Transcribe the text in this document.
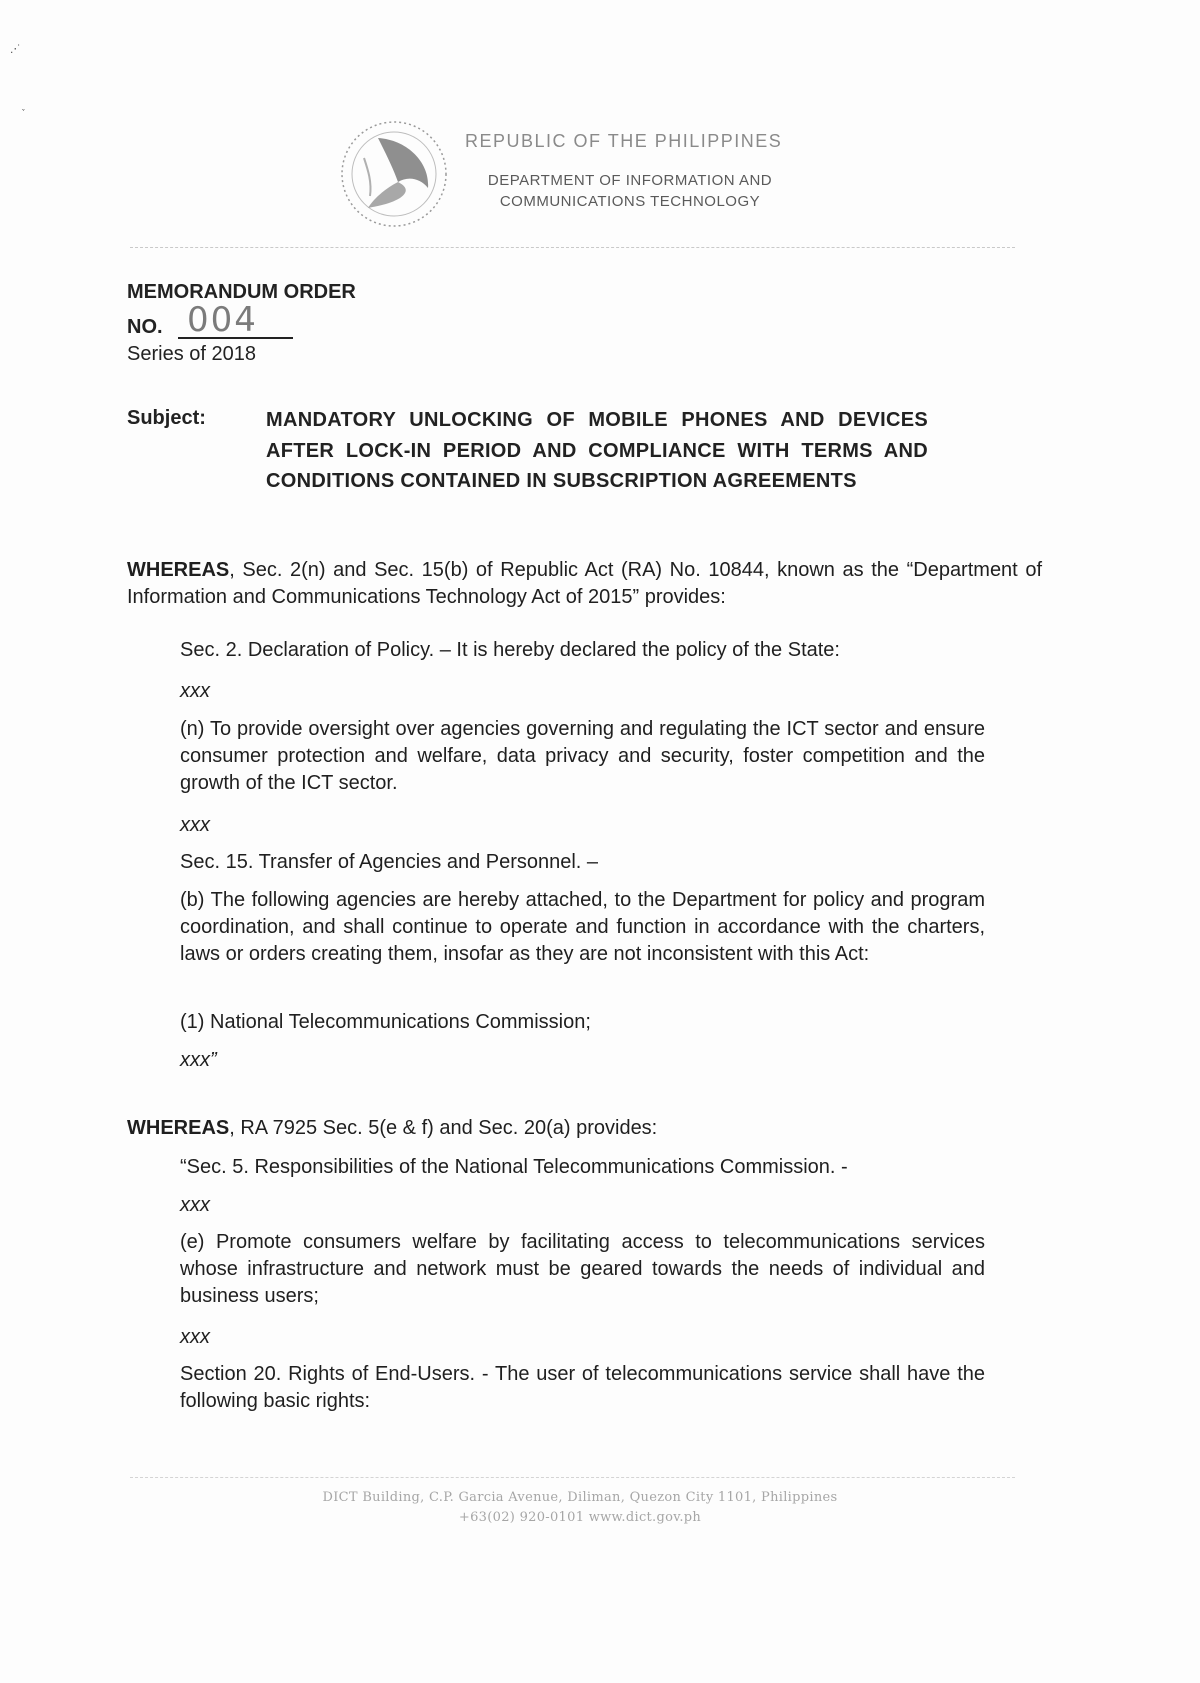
.⋅˙
REPUBLIC OF THE PHILIPPINES
DEPARTMENT OF INFORMATION AND
COMMUNICATIONS TECHNOLOGY
MEMORANDUM ORDER
NO. 004
Series of 2018
Subject:	MANDATORY UNLOCKING OF MOBILE PHONES AND DEVICES AFTER LOCK-IN PERIOD AND COMPLIANCE WITH TERMS AND CONDITIONS CONTAINED IN SUBSCRIPTION AGREEMENTS
WHEREAS, Sec. 2(n) and Sec. 15(b) of Republic Act (RA) No. 10844, known as the “Department of Information and Communications Technology Act of 2015” provides:
Sec. 2. Declaration of Policy. – It is hereby declared the policy of the State:
xxx
(n) To provide oversight over agencies governing and regulating the ICT sector and ensure consumer protection and welfare, data privacy and security, foster competition and the growth of the ICT sector.
xxx
Sec. 15. Transfer of Agencies and Personnel. –
(b) The following agencies are hereby attached, to the Department for policy and program coordination, and shall continue to operate and function in accordance with the charters, laws or orders creating them, insofar as they are not inconsistent with this Act:
(1) National Telecommunications Commission;
xxx”
WHEREAS, RA 7925 Sec. 5(e & f) and Sec. 20(a) provides:
“Sec. 5. Responsibilities of the National Telecommunications Commission. -
xxx
(e) Promote consumers welfare by facilitating access to telecommunications services whose infrastructure and network must be geared towards the needs of individual and business users;
xxx
Section 20. Rights of End-Users. - The user of telecommunications service shall have the following basic rights:
DICT Building, C.P. Garcia Avenue, Diliman, Quezon City 1101, Philippines
+63(02) 920-0101 www.dict.gov.ph
